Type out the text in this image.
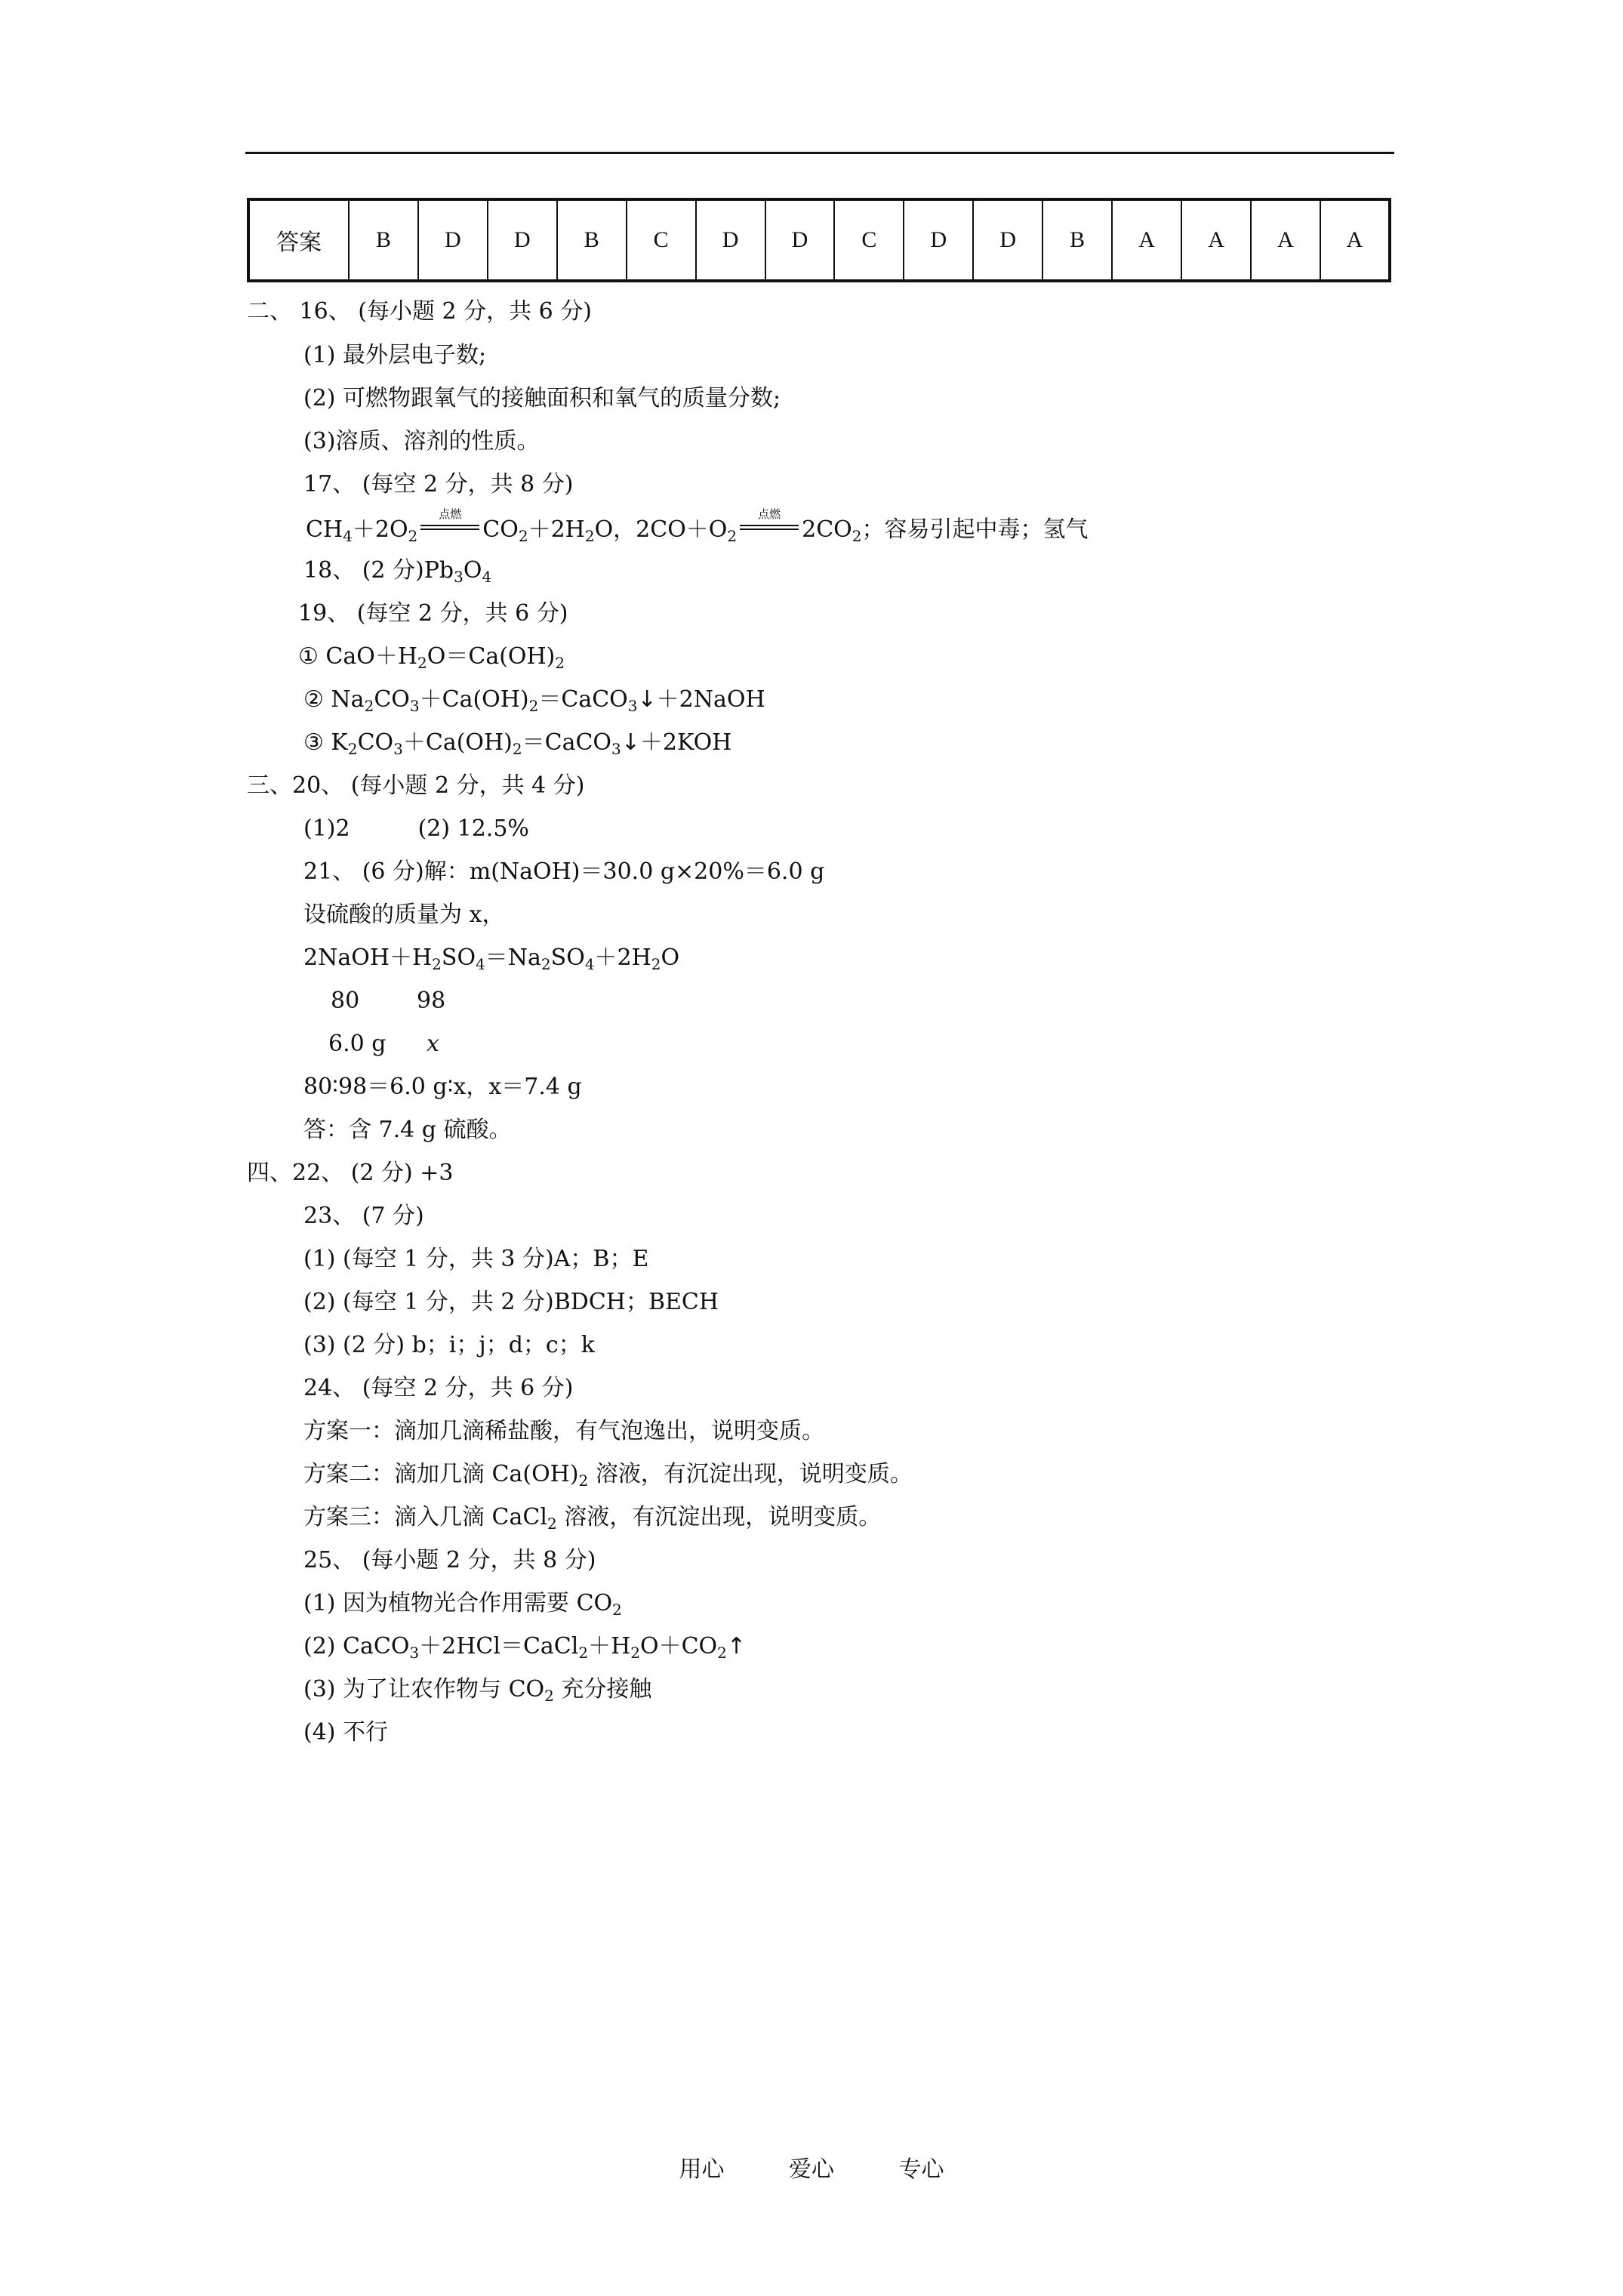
答案	B	D	D	B	C	D	D	C	D	D	B	A	A	A	A
二、 16、 (每小题 2 分，共 6 分)
(1) 最外层电子数;
(2) 可燃物跟氧气的接触面积和氧气的质量分数;
(3)溶质、溶剂的性质。
17、 (每空 2 分，共 8 分)
$CH_4+2O_2$
点燃
$CO_2+2H_2O$，$2CO+O_2$
点燃
$2CO_2$；容易引起中毒；氢气
18、 (2 分)$Pb_3O_4$
19、 (每空 2 分，共 6 分)
① $CaO+H_2O=Ca(OH)_2$
② $Na_2CO_3+Ca(OH)_2=CaCO_3↓+2NaOH$
③ $K_2CO_3+Ca(OH)_2=CaCO_3↓+2KOH$
三、20、 (每小题 2 分，共 4 分)
(1)2　　　(2) 12.5%
21、 (6 分)解：m(NaOH)＝30.0 g×20%＝6.0 g
设硫酸的质量为 x，
$2NaOH+H_2SO_4=Na_2SO_4+2H_2O$
80	98
6.0 g x
80∶98＝6.0 g∶x，x＝7.4 g
答：含 7.4 g 硫酸。
四、22、 (2 分) +3
23、 (7 分)
(1) (每空 1 分，共 3 分)A；B；E
(2) (每空 1 分，共 2 分)BDCH；BECH
(3) (2 分) b；i；j；d；c；k
24、 (每空 2 分，共 6 分)
方案一：滴加几滴稀盐酸，有气泡逸出，说明变质。
方案二：滴加几滴 $Ca(OH)_2$ 溶液，有沉淀出现，说明变质。
方案三：滴入几滴 CaCl$_2$ 溶液，有沉淀出现，说明变质。
25、 (每小题 2 分，共 8 分)
(1) 因为植物光合作用需要 $CO_2$
(2) $CaCO_3+2HCl=CaCl_2+H_2O+CO_2↑$
(3) 为了让农作物与 $CO_2$ 充分接触
(4) 不行
用心	爱心	专心
